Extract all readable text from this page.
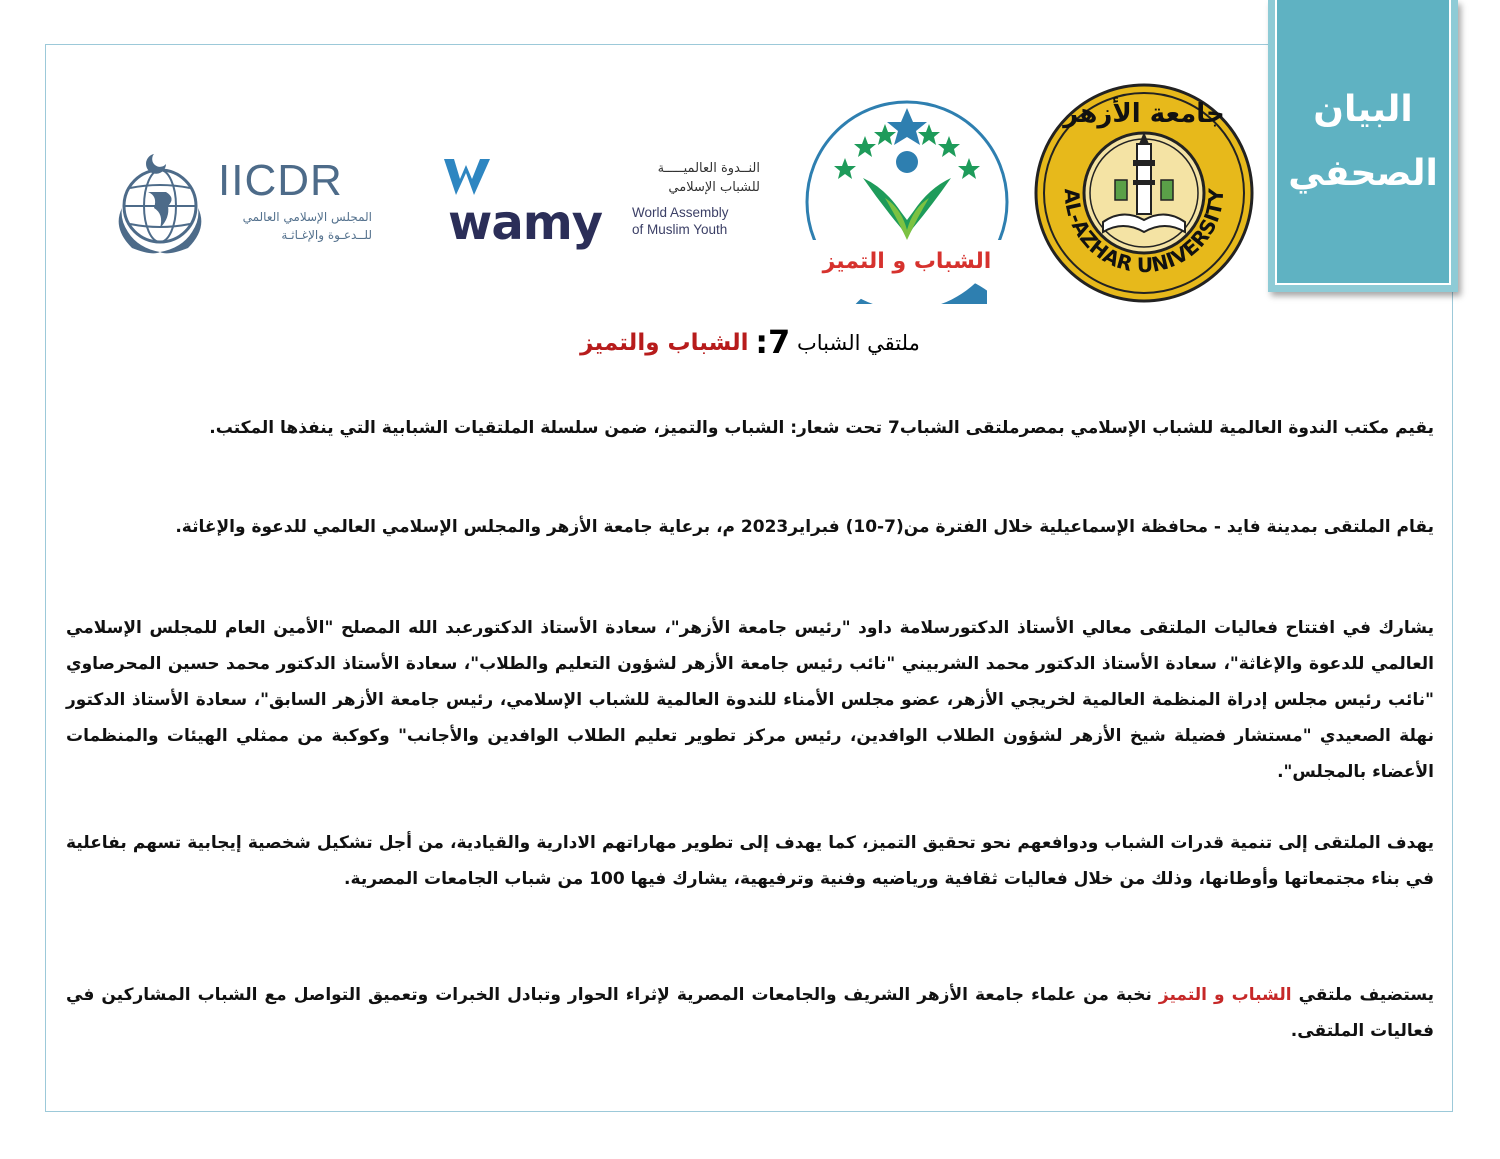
البيان
الصحفي
AL-AZHAR UNIVERSITY
جامعة الأزهر
الشباب و التميز
7
wamy
النــدوة العالميـــــة
للشباب الإسلامي
World Assembly
of Muslim Youth
IICDR
المجلس الإسلامي العالمي
للــدعـوة والإغـاثـة
ملتقي الشباب 7: الشباب والتميز

يقيم مكتب الندوة العالمية للشباب الإسلامي بمصرملتقى الشباب7 تحت شعار: الشباب والتميز، ضمن سلسلة الملتقيات الشبابية التي ينفذها المكتب.

يقام الملتقى بمدينة فايد - محافظة الإسماعيلية خلال الفترة من(7-10) فبراير2023 م، برعاية جامعة الأزهر والمجلس الإسلامي العالمي للدعوة والإغاثة.

يشارك في افتتاح فعاليات الملتقى معالي الأستاذ الدكتورسلامة داود "رئيس جامعة الأزهر"، سعادة الأستاذ الدكتورعبد الله المصلح "الأمين العام للمجلس الإسلامي العالمي للدعوة والإغاثة"، سعادة الأستاذ الدكتور محمد الشربيني "نائب رئيس جامعة الأزهر لشؤون التعليم والطلاب"، سعادة الأستاذ الدكتور محمد حسين المحرصاوي "نائب رئيس مجلس إدراة المنظمة العالمية لخريجي الأزهر، عضو مجلس الأمناء للندوة العالمية للشباب الإسلامي، رئيس جامعة الأزهر السابق"، سعادة الأستاذ الدكتور نهلة الصعيدي "مستشار فضيلة شيخ الأزهر لشؤون الطلاب الوافدين، رئيس مركز تطوير تعليم الطلاب الوافدين والأجانب" وكوكبة من ممثلي الهيئات والمنظمات الأعضاء بالمجلس".

يهدف الملتقى إلى تنمية قدرات الشباب ودوافعهم نحو تحقيق التميز، كما يهدف إلى تطوير مهاراتهم الادارية والقيادية، من أجل تشكيل شخصية إيجابية تسهم بفاعلية في بناء مجتمعاتها وأوطانها، وذلك من خلال فعاليات ثقافية ورياضيه وفنية وترفيهية، يشارك فيها 100 من شباب الجامعات المصرية.

يستضيف ملتقي الشباب و التميز نخبة من علماء جامعة الأزهر الشريف والجامعات المصرية لإثراء الحوار وتبادل الخبرات وتعميق التواصل مع الشباب المشاركين في فعاليات الملتقى.
